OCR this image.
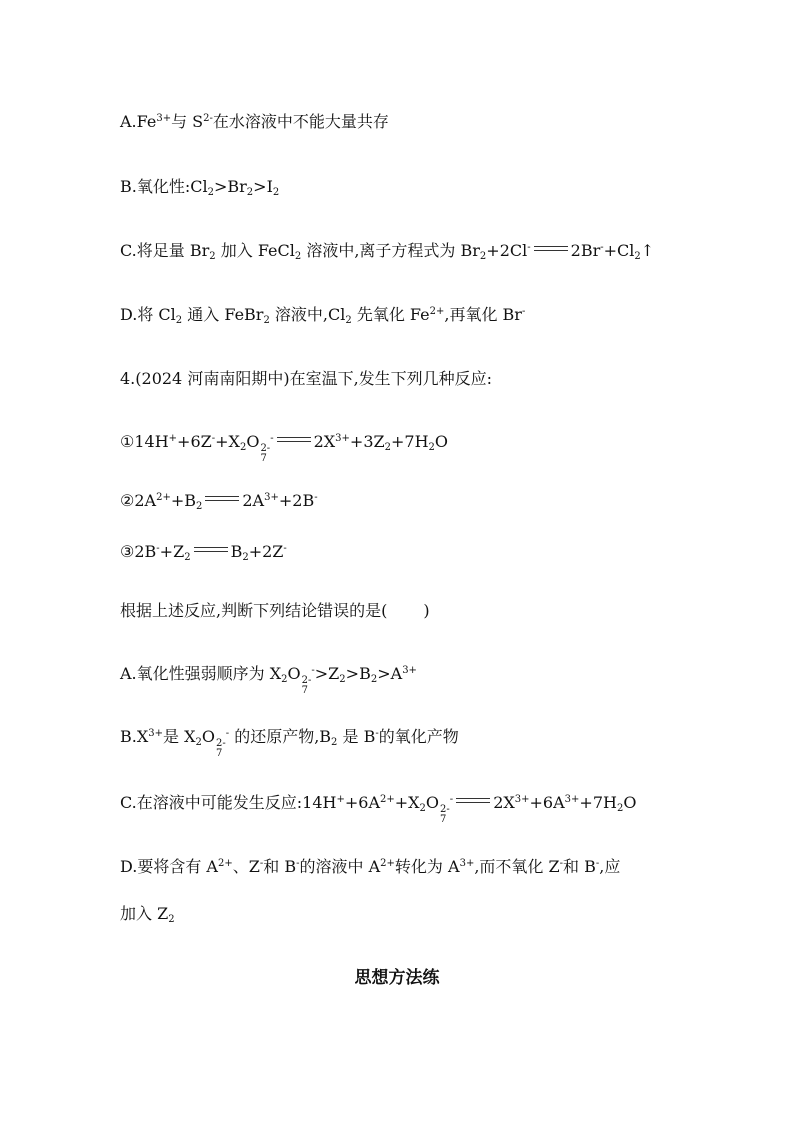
$A.Fe^{3+}$与 $S^{2-}$在水溶液中不能大量共存
B.氧化性$:Cl_2>Br_2>I_2$
C.将足量 $Br_2$ 加入 FeCl$_2$ 溶液中,离子方程式为 $Br_2+2Cl^-$	$2Br^-+Cl_2↑$
D.将 $Cl_2$ 通入 FeBr$_2$ 溶液中$,Cl_2$ 先氧化 $Fe^{2+}$,再氧化 Br-
4.(2024 河南南阳期中)在室温下,发生下列几种反应:
$①14H^++6Z^-+X_2O$ 2-
7
-	$2X^{3+}+3Z_2+7H_2O$
$②2A^{2+}+B_2$	$2A^{3+}+2B^-$
$③2B^-+Z_2$	$B_2+2Z^-$
根据上述反应,判断下列结论错误的是( )
A.氧化性强弱顺序为 $X_2O$ 2-
7
$^->Z_2>B_2>A^{3+}$
$B.X^{3+}$是 $X_2O$ 2-
7
- 的还原产物$,B_2$ 是 B-的氧化产物
C.在溶液中可能发生反应$:14H^++6A^{2+}+X_2O$ 2-
7
-	$2X^{3+}+6A^{3+}+7H_2O$
D.要将含有 $A^{2+}$、Z-和 B-的溶液中 $A^{2+}$转化为 $A^{3+}$,而不氧化 Z-和 B-,应
加入 $Z_2$
思想方法练
